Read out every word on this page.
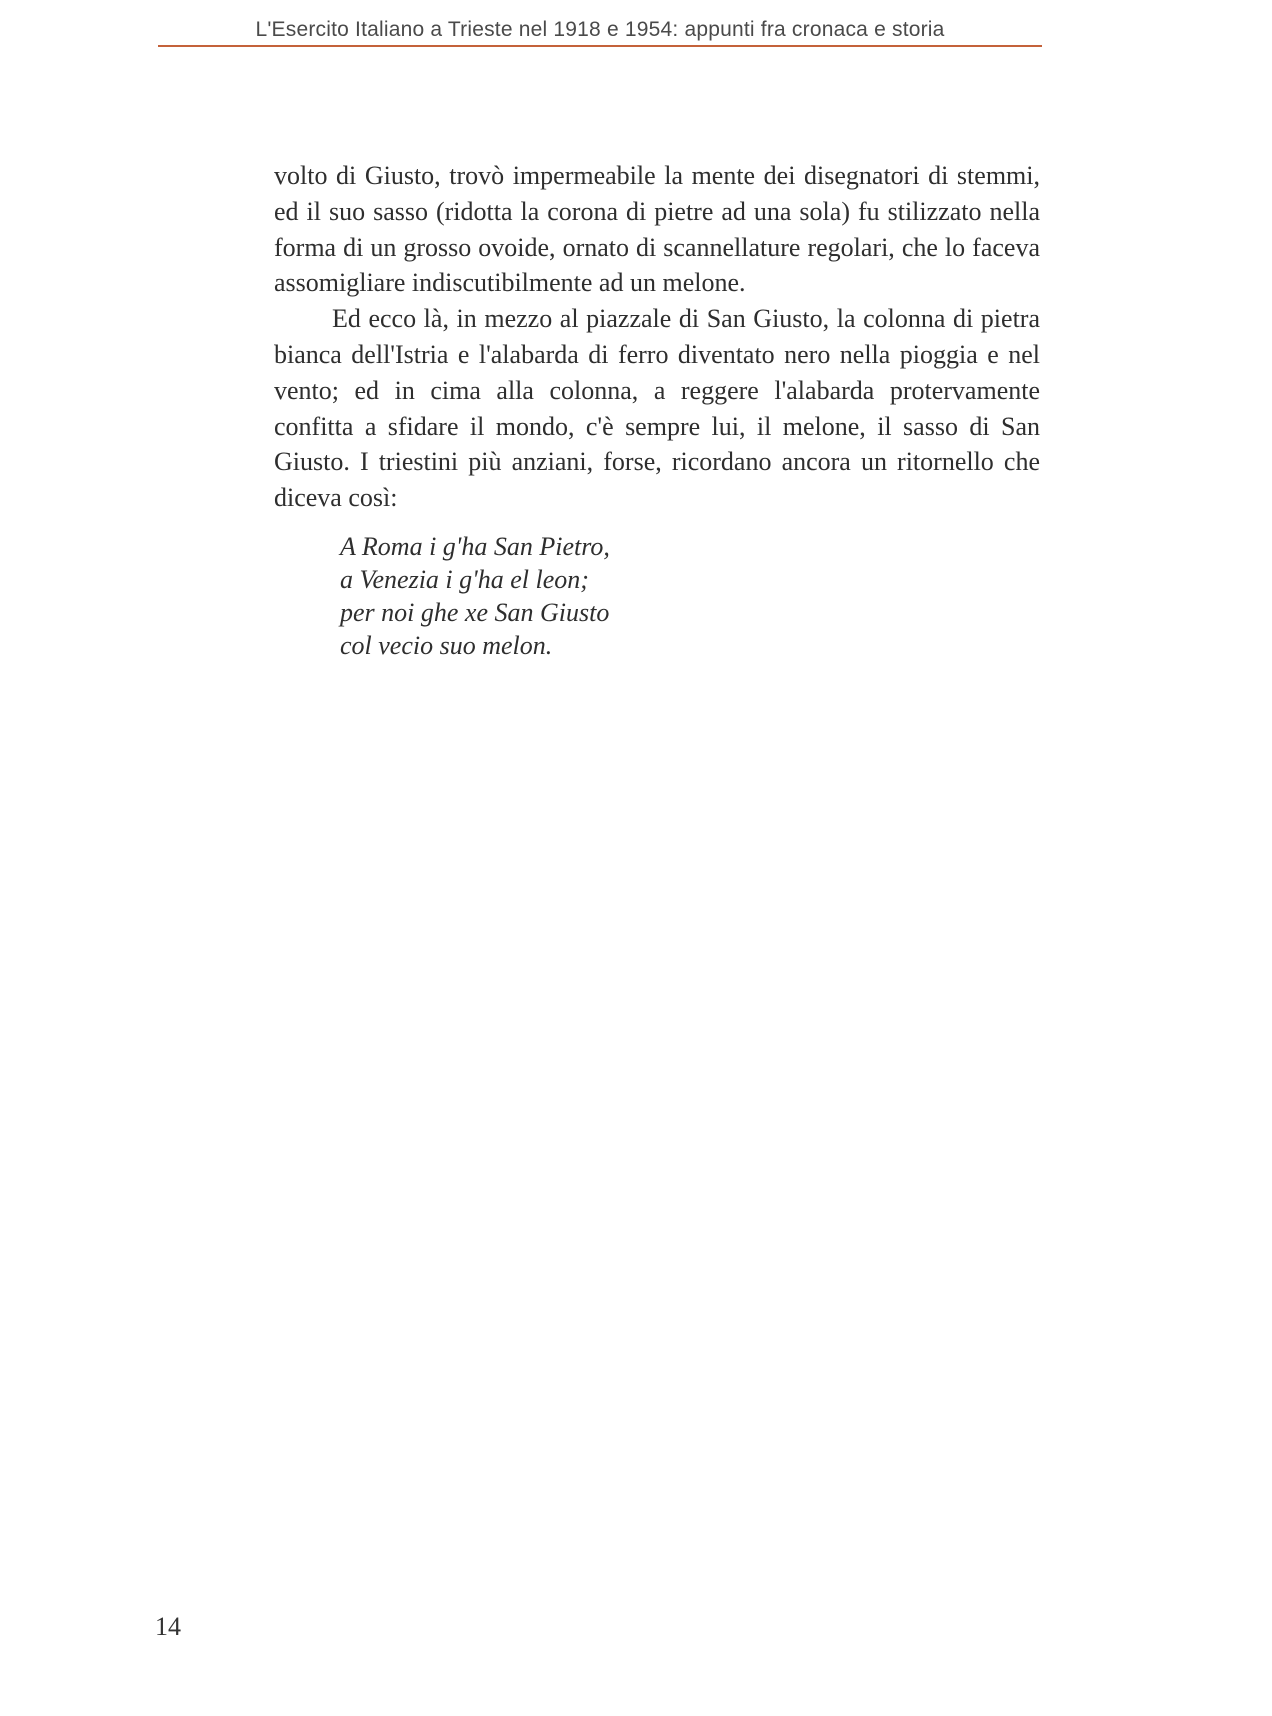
L'Esercito Italiano a Trieste nel 1918 e 1954: appunti fra cronaca e storia

volto di Giusto, trovò impermeabile la mente dei disegnatori di stemmi, ed il suo sasso (ridotta la corona di pietre ad una sola) fu stilizzato nella forma di un grosso ovoide, ornato di scannellature regolari, che lo faceva assomigliare indiscutibilmente ad un melone.

Ed ecco là, in mezzo al piazzale di San Giusto, la colonna di pietra bianca dell'Istria e l'alabarda di ferro diventato nero nella pioggia e nel vento; ed in cima alla colonna, a reggere l'alabarda protervamente confitta a sfidare il mondo, c'è sempre lui, il melone, il sasso di San Giusto. I triestini più anziani, forse, ricordano ancora un ritornello che diceva così:

A Roma i g'ha San Pietro,
a Venezia i g'ha el leon;
per noi ghe xe San Giusto
col vecio suo melon.
14
